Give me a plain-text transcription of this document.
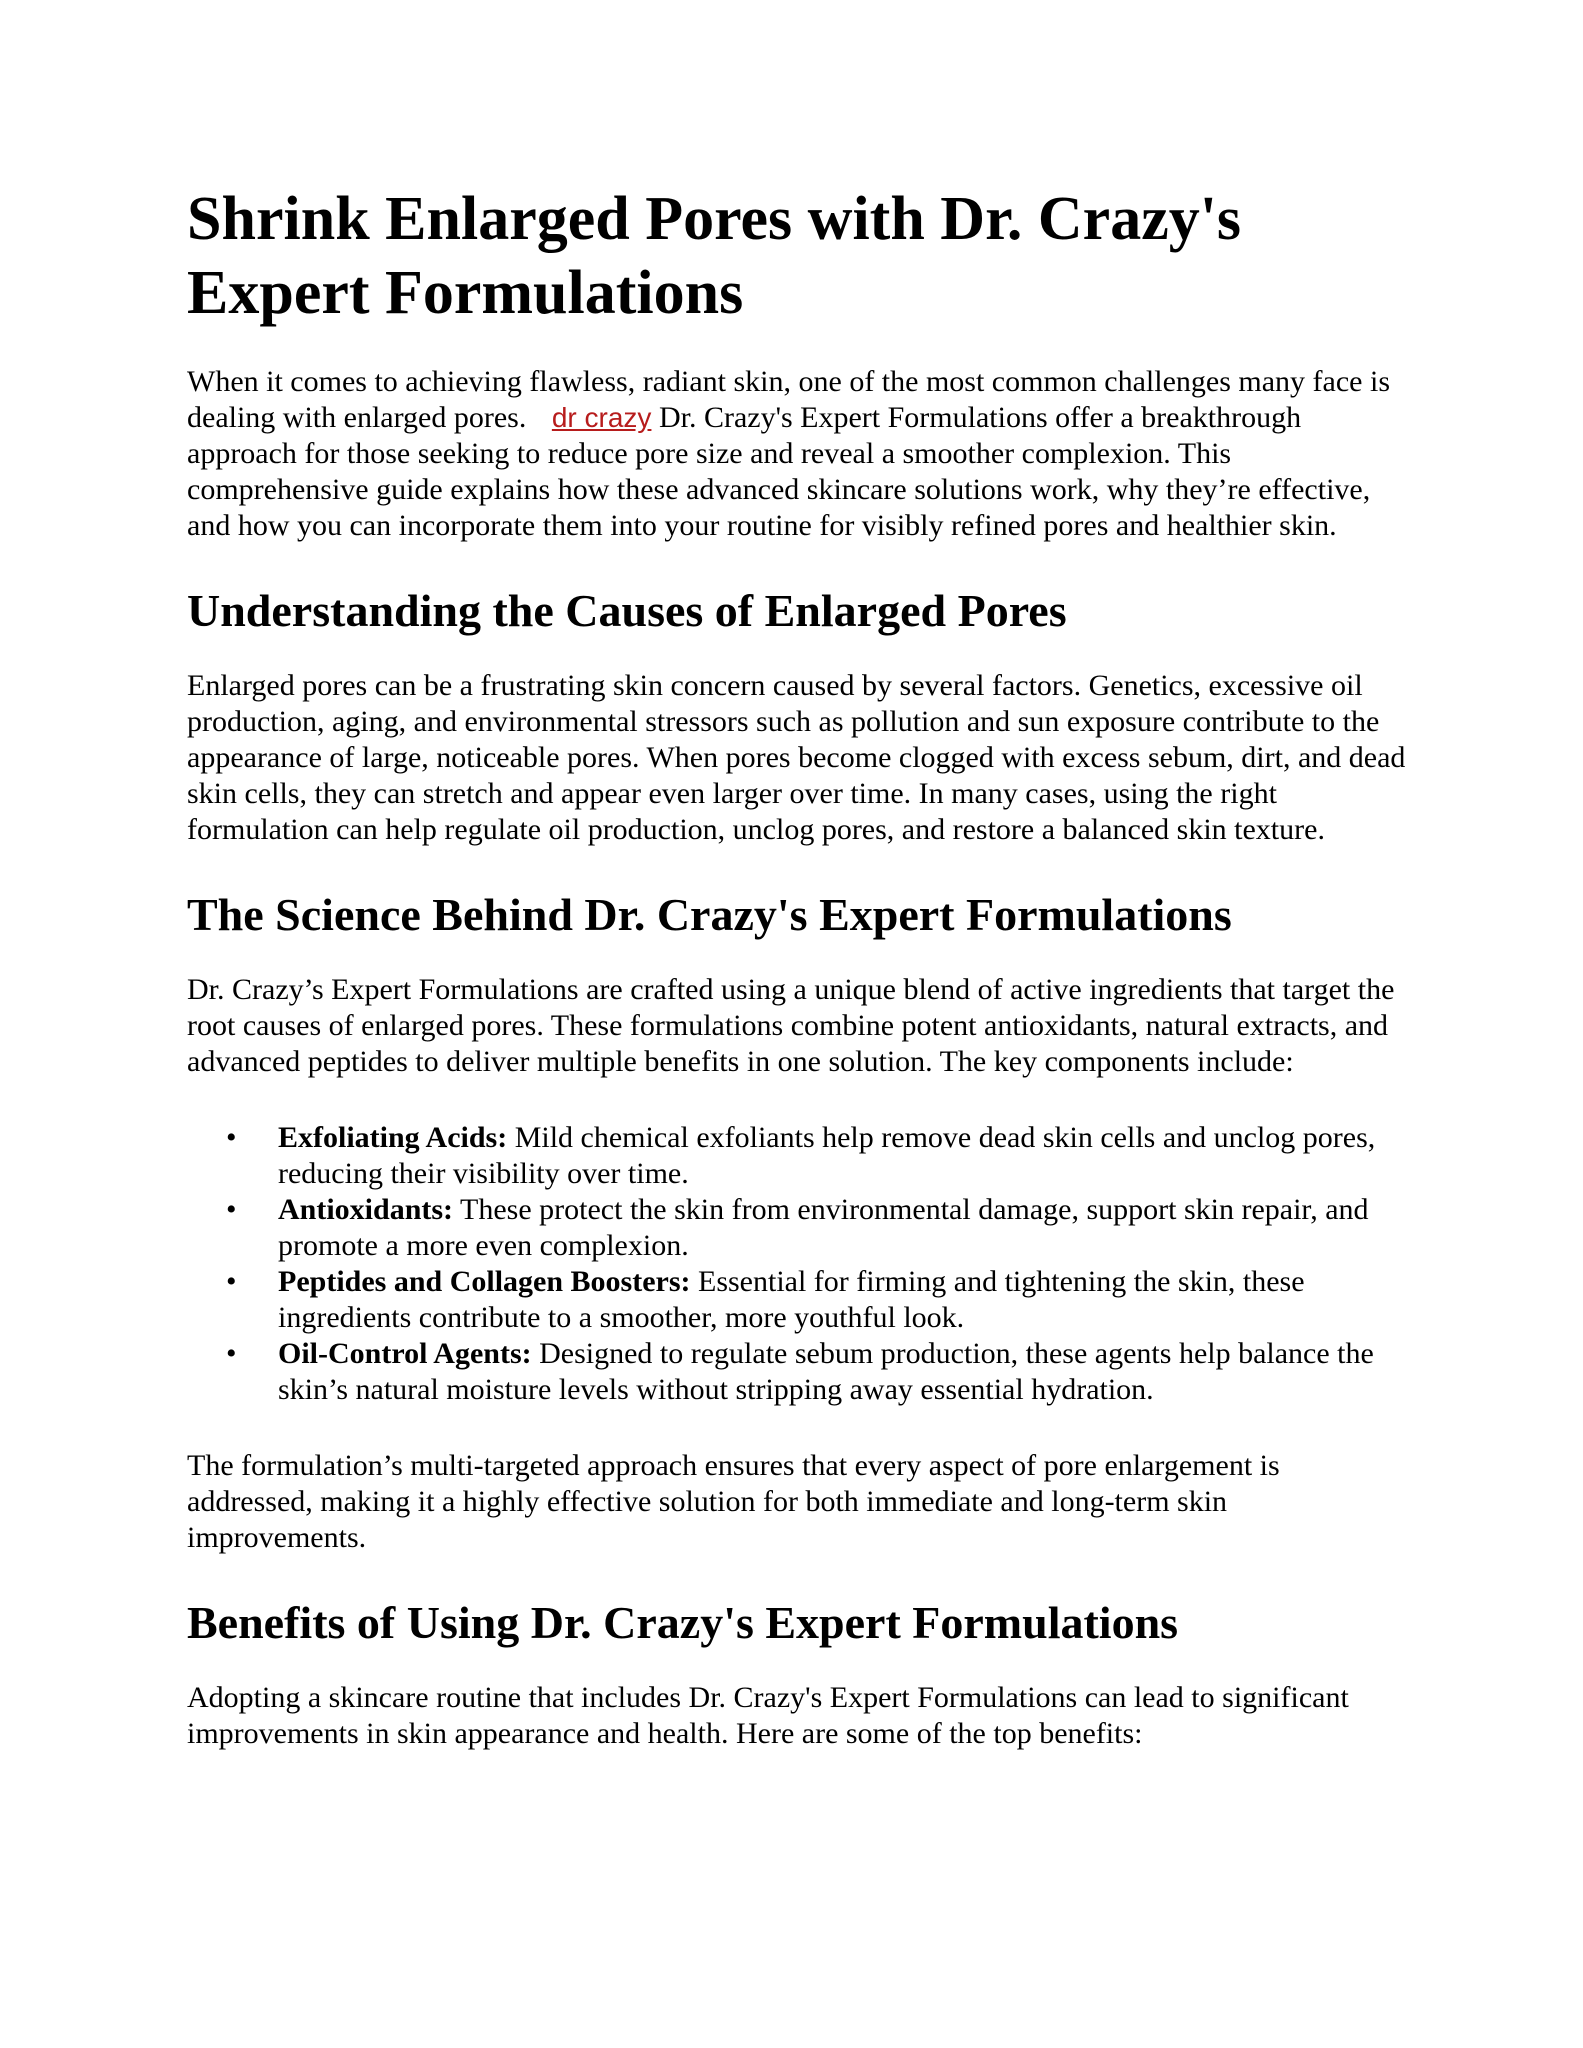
Shrink Enlarged Pores with Dr. Crazy's Expert Formulations

When it comes to achieving flawless, radiant skin, one of the most common challenges many face is dealing with enlarged pores. dr crazy Dr. Crazy's Expert Formulations offer a breakthrough approach for those seeking to reduce pore size and reveal a smoother complexion. This comprehensive guide explains how these advanced skincare solutions work, why they’re effective, and how you can incorporate them into your routine for visibly refined pores and healthier skin.

Understanding the Causes of Enlarged Pores

Enlarged pores can be a frustrating skin concern caused by several factors. Genetics, excessive oil production, aging, and environmental stressors such as pollution and sun exposure contribute to the appearance of large, noticeable pores. When pores become clogged with excess sebum, dirt, and dead skin cells, they can stretch and appear even larger over time. In many cases, using the right formulation can help regulate oil production, unclog pores, and restore a balanced skin texture.

The Science Behind Dr. Crazy's Expert Formulations

Dr. Crazy’s Expert Formulations are crafted using a unique blend of active ingredients that target the root causes of enlarged pores. These formulations combine potent antioxidants, natural extracts, and advanced peptides to deliver multiple benefits in one solution. The key components include:

• Exfoliating Acids: Mild chemical exfoliants help remove dead skin cells and unclog pores, reducing their visibility over time.
• Antioxidants: These protect the skin from environmental damage, support skin repair, and promote a more even complexion.
• Peptides and Collagen Boosters: Essential for firming and tightening the skin, these ingredients contribute to a smoother, more youthful look.
• Oil-Control Agents: Designed to regulate sebum production, these agents help balance the skin’s natural moisture levels without stripping away essential hydration.

The formulation’s multi-targeted approach ensures that every aspect of pore enlargement is addressed, making it a highly effective solution for both immediate and long-term skin improvements.

Benefits of Using Dr. Crazy's Expert Formulations

Adopting a skincare routine that includes Dr. Crazy's Expert Formulations can lead to significant improvements in skin appearance and health. Here are some of the top benefits:
